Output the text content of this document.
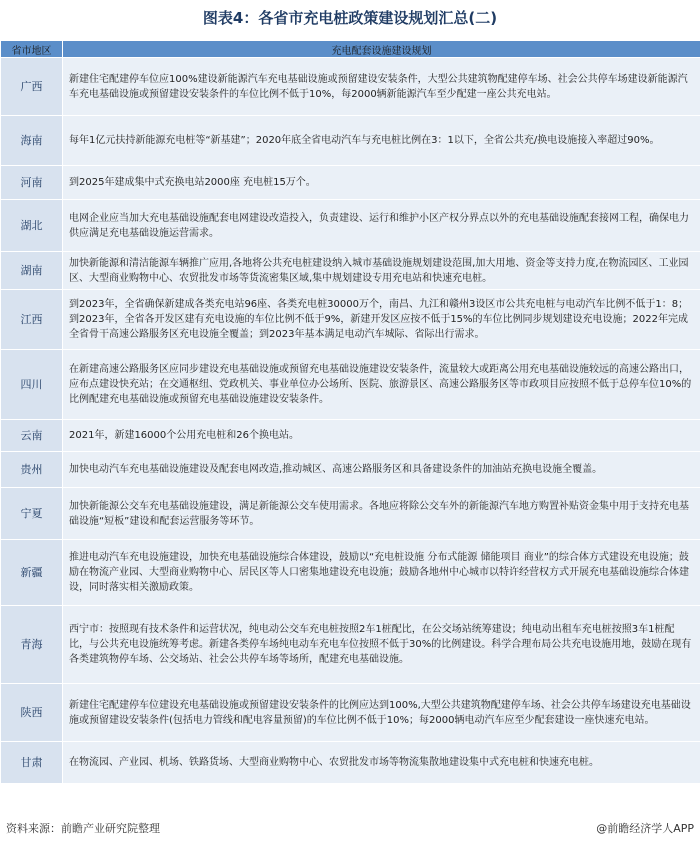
图表4：各省市充电桩政策建设规划汇总(二)
省市地区	充电配套设施建设规划
广西	新建住宅配建停车位应100%建设新能源汽车充电基础设施或预留建设安装条件，大型公共建筑物配建停车场、社会公共停车场建设新能源汽车充电基础设施或预留建设安装条件的车位比例不低于10%，每2000辆新能源汽车至少配建一座公共充电站。
海南	每年1亿元扶持新能源充电桩等“新基建”；2020年底全省电动汽车与充电桩比例在3：1以下，全省公共充/换电设施接入率超过90%。
河南	到2025年建成集中式充换电站2000座 充电桩15万个。
湖北	电网企业应当加大充电基础设施配套电网建设改造投入，负责建设、运行和维护小区产权分界点以外的充电基础设施配套接网工程，确保电力供应满足充电基础设施运营需求。
湖南	加快新能源和清洁能源车辆推广应用,各地将公共充电桩建设纳入城市基础设施规划建设范围,加大用地、资金等支持力度,在物流园区、工业园区、大型商业购物中心、农贸批发市场等货流密集区域,集中规划建设专用充电站和快速充电桩。
江西	到2023年，全省确保新建成各类充电站96座、各类充电桩30000万个，南昌、九江和赣州3设区市公共充电桩与电动汽车比例不低于1：8；到2023年，全省各开发区建有充电设施的车位比例不低于9%，新建开发区应按不低于15%的车位比例同步规划建设充电设施；2022年完成全省骨干高速公路服务区充电设施全覆盖；到2023年基本满足电动汽车城际、省际出行需求。
四川	在新建高速公路服务区应同步建设充电基础设施或预留充电基础设施建设安装条件，流量较大或距离公用充电基础设施较远的高速公路出口，应布点建设快充站；在交通枢纽、党政机关、事业单位办公场所、医院、旅游景区、高速公路服务区等市政项目应按照不低于总停车位10%的比例配建充电基础设施或预留充电基础设施建设安装条件。
云南	2021年，新建16000个公用充电桩和26个换电站。
贵州	加快电动汽车充电基础设施建设及配套电网改造,推动城区、高速公路服务区和具备建设条件的加油站充换电设施全覆盖。
宁夏	加快新能源公交车充电基础设施建设，满足新能源公交车使用需求。各地应将除公交车外的新能源汽车地方购置补贴资金集中用于支持充电基础设施“短板”建设和配套运营服务等环节。
新疆	推进电动汽车充电设施建设，加快充电基础设施综合体建设，鼓励以“充电桩设施 分布式能源 储能项目 商业”的综合体方式建设充电设施；鼓励在物流产业园、大型商业购物中心、居民区等人口密集地建设充电设施；鼓励各地州中心城市以特许经营权方式开展充电基础设施综合体建设，同时落实相关激励政策。
青海	西宁市：按照现有技术条件和运营状况，纯电动公交车充电桩按照2车1桩配比，在公交场站统筹建设；纯电动出租车充电桩按照3车1桩配比，与公共充电设施统筹考虑。新建各类停车场纯电动车充电车位按照不低于30%的比例建设。科学合理布局公共充电设施用地，鼓励在现有各类建筑物停车场、公交场站、社会公共停车场等场所，配建充电基础设施。
陕西	新建住宅配建停车位建设充电基础设施或预留建设安装条件的比例应达到100%,大型公共建筑物配建停车场、社会公共停车场建设充电基础设施或预留建设安装条件(包括电力管线和配电容量预留)的车位比例不低于10%；每2000辆电动汽车应至少配套建设一座快速充电站。
甘肃	在物流园、产业园、机场、铁路货场、大型商业购物中心、农贸批发市场等物流集散地建设集中式充电桩和快速充电桩。
资料来源：前瞻产业研究院整理	@前瞻经济学人APP
